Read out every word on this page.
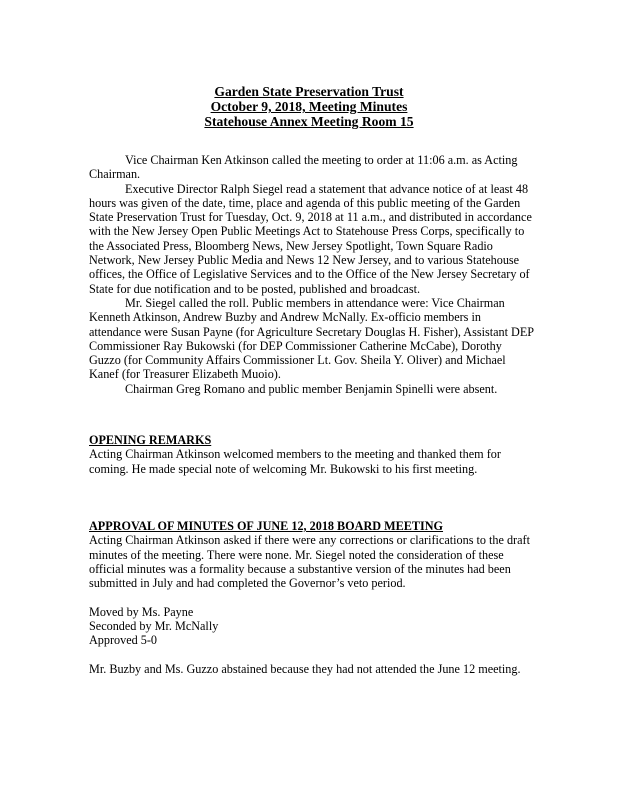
Garden State Preservation Trust
October 9, 2018, Meeting Minutes
Statehouse Annex Meeting Room 15

Vice Chairman Ken Atkinson called the meeting to order at 11:06 a.m. as Acting Chairman.

Executive Director Ralph Siegel read a statement that advance notice of at least 48 hours was given of the date, time, place and agenda of this public meeting of the Garden State Preservation Trust for Tuesday, Oct. 9, 2018 at 11 a.m., and distributed in accordance with the New Jersey Open Public Meetings Act to Statehouse Press Corps, specifically to the Associated Press, Bloomberg News, New Jersey Spotlight, Town Square Radio Network, New Jersey Public Media and News 12 New Jersey, and to various Statehouse offices, the Office of Legislative Services and to the Office of the New Jersey Secretary of State for due notification and to be posted, published and broadcast.

Mr. Siegel called the roll. Public members in attendance were: Vice Chairman Kenneth Atkinson, Andrew Buzby and Andrew McNally. Ex-officio members in attendance were Susan Payne (for Agriculture Secretary Douglas H. Fisher), Assistant DEP Commissioner Ray Bukowski (for DEP Commissioner Catherine McCabe), Dorothy Guzzo (for Community Affairs Commissioner Lt. Gov. Sheila Y. Oliver) and Michael Kanef (for Treasurer Elizabeth Muoio).

Chairman Greg Romano and public member Benjamin Spinelli were absent.

OPENING REMARKS

Acting Chairman Atkinson welcomed members to the meeting and thanked them for coming. He made special note of welcoming Mr. Bukowski to his first meeting.

APPROVAL OF MINUTES OF JUNE 12, 2018 BOARD MEETING

Acting Chairman Atkinson asked if there were any corrections or clarifications to the draft minutes of the meeting. There were none. Mr. Siegel noted the consideration of these official minutes was a formality because a substantive version of the minutes had been submitted in July and had completed the Governor’s veto period.

Moved by Ms. Payne

Seconded by Mr. McNally

Approved 5-0

Mr. Buzby and Ms. Guzzo abstained because they had not attended the June 12 meeting.
